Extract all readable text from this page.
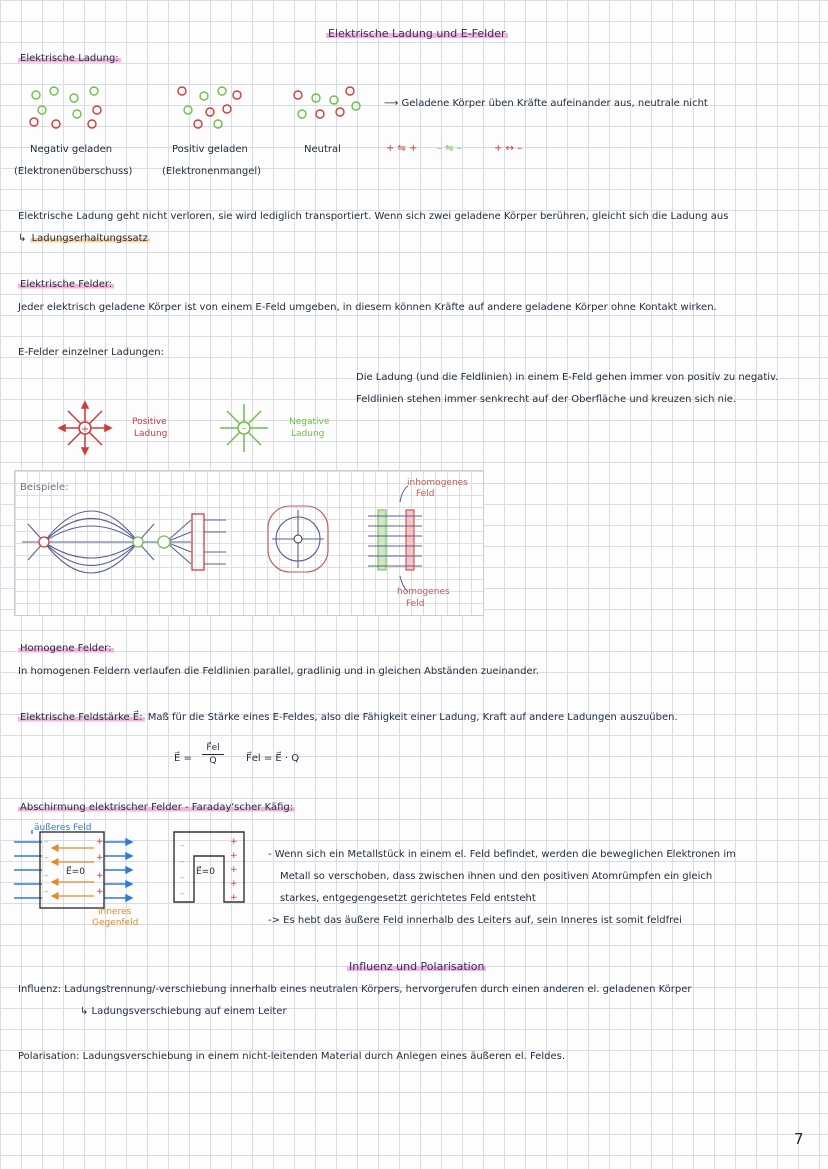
Elektrische Ladung und E-Felder
Elektrische Ladung:
⟶ Geladene Körper üben Kräfte aufeinander aus, neutrale nicht
+ ⇋ + – ⇋ –	+ ↔ –
Negativ geladen
(Elektronenüberschuss)
Positiv geladen
(Elektronenmangel)
Neutral
Elektrische Ladung geht nicht verloren, sie wird lediglich transportiert. Wenn sich zwei geladene Körper berühren, gleicht sich die Ladung aus
↳ Ladungserhaltungssatz
Elektrische Felder:
Jeder elektrisch geladene Körper ist von einem E-Feld umgeben, in diesem können Kräfte auf andere geladene Körper ohne Kontakt wirken.
E-Felder einzelner Ladungen:
Die Ladung (und die Feldlinien) in einem E-Feld gehen immer von positiv zu negativ.
Feldlinien stehen immer senkrecht auf der Oberfläche und kreuzen sich nie.
+
Positive
Ladung	–
Negative
Ladung
Beispiele:	inhomogenes
Feld
homogenes
Feld
Homogene Felder:
In homogenen Feldern verlaufen die Feldlinien parallel, gradlinig und in gleichen Abständen zueinander.
Elektrische Feldstärke E⃗: Maß für die Stärke eines E-Feldes, also die Fähigkeit einer Ladung, Kraft auf andere Ladungen auszuüben.
E⃗ = $\frac{F⃗el}{Q}$ F⃗el = E⃗ · Q
Abschirmung elektrischer Felder - Faraday'scher Käfig:
äußeres Feld
–
–
–
–
+
+
+
+
–
–
–
–
+
+
+
+
+
E⃗=0	E⃗=0
inneres
Gegenfeld
- Wenn sich ein Metallstück in einem el. Feld befindet, werden die beweglichen Elektronen im
Metall so verschoben, dass zwischen ihnen und den positiven Atomrümpfen ein gleich
starkes, entgegengesetzt gerichtetes Feld entsteht
-> Es hebt das äußere Feld innerhalb des Leiters auf, sein Inneres ist somit feldfrei
Influenz und Polarisation
Influenz: Ladungstrennung/-verschiebung innerhalb eines neutralen Körpers, hervorgerufen durch einen anderen el. geladenen Körper
↳ Ladungsverschiebung auf einem Leiter
Polarisation: Ladungsverschiebung in einem nicht-leitenden Material durch Anlegen eines äußeren el. Feldes.
7
